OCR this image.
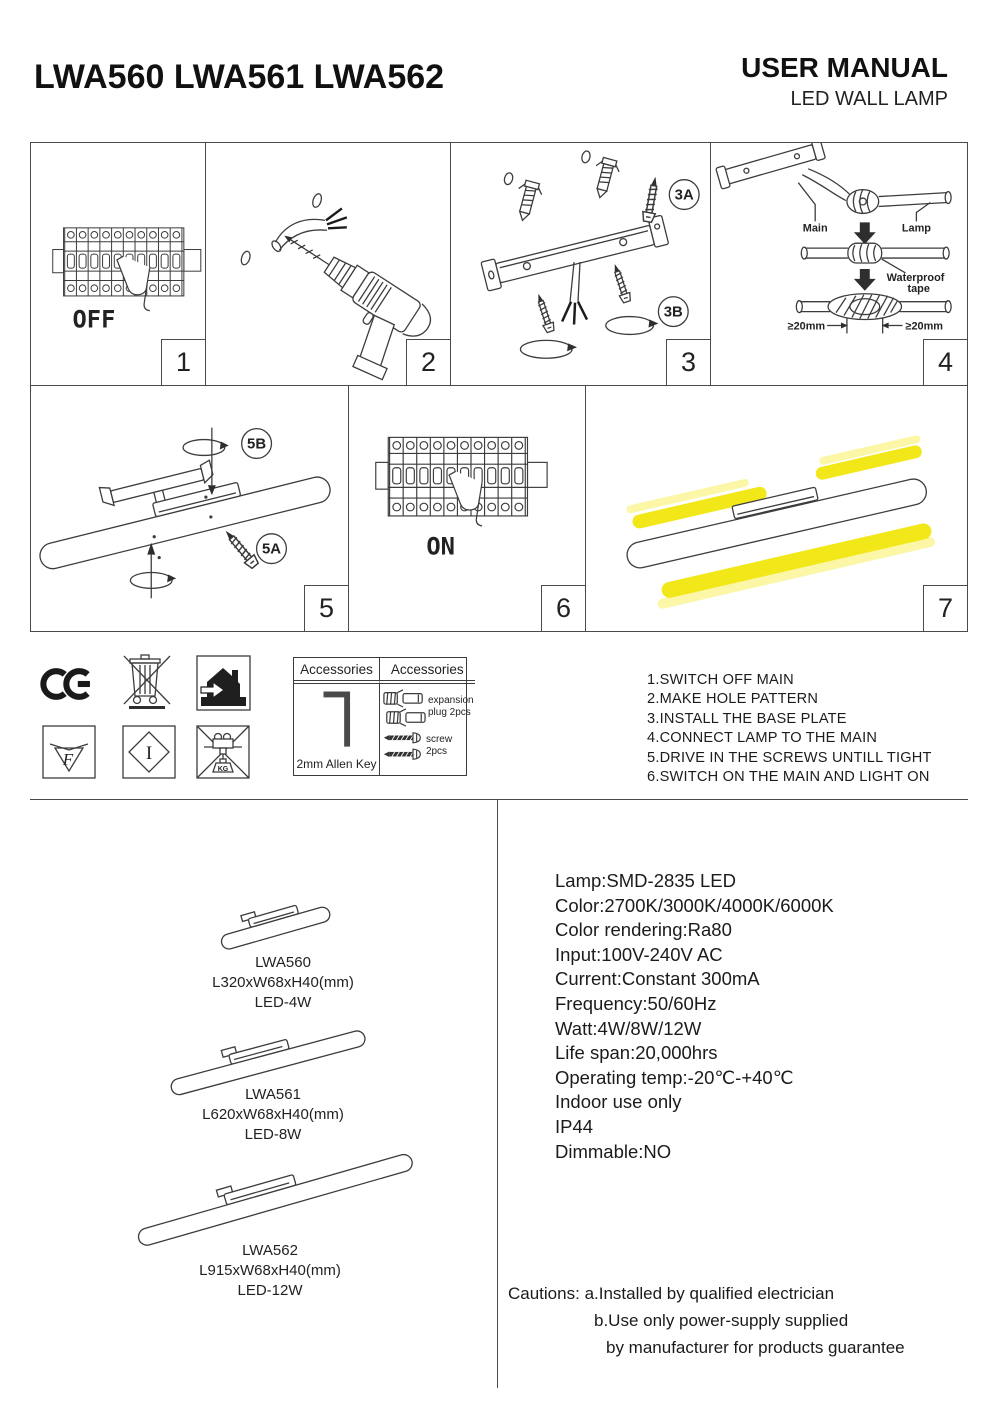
LWA560 LWA561 LWA562	USER MANUAL
LED WALL LAMP
OFF
1	2
3A
3B
3
Main	Lamp
Waterproof
tape
≥20mm	≥20mm
4
5B
5A
5
ON
6	7
F	I
KG
Accessories	Accessories
2mm Allen Key
expansion
plug 2pcs
screw 2pcs
1.SWITCH OFF MAIN
2.MAKE HOLE PATTERN
3.INSTALL THE BASE PLATE
4.CONNECT LAMP TO THE MAIN
5.DRIVE IN THE SCREWS UNTILL TIGHT
6.SWITCH ON THE MAIN AND LIGHT ON
LWA560
L320xW68xH40(mm)
LED-4W
LWA561
L620xW68xH40(mm)
LED-8W
LWA562
L915xW68xH40(mm)
LED-12W
Lamp:SMD-2835 LED
Color:2700K/3000K/4000K/6000K
Color rendering:Ra80
Input:100V-240V AC
Current:Constant 300mA
Frequency:50/60Hz
Watt:4W/8W/12W
Life span:20,000hrs
Operating temp:-20℃-+40℃
Indoor use only
IP44
Dimmable:NO
Cautions: a.Installed by qualified electrician
b.Use only power-supply supplied
by manufacturer for products guarantee
